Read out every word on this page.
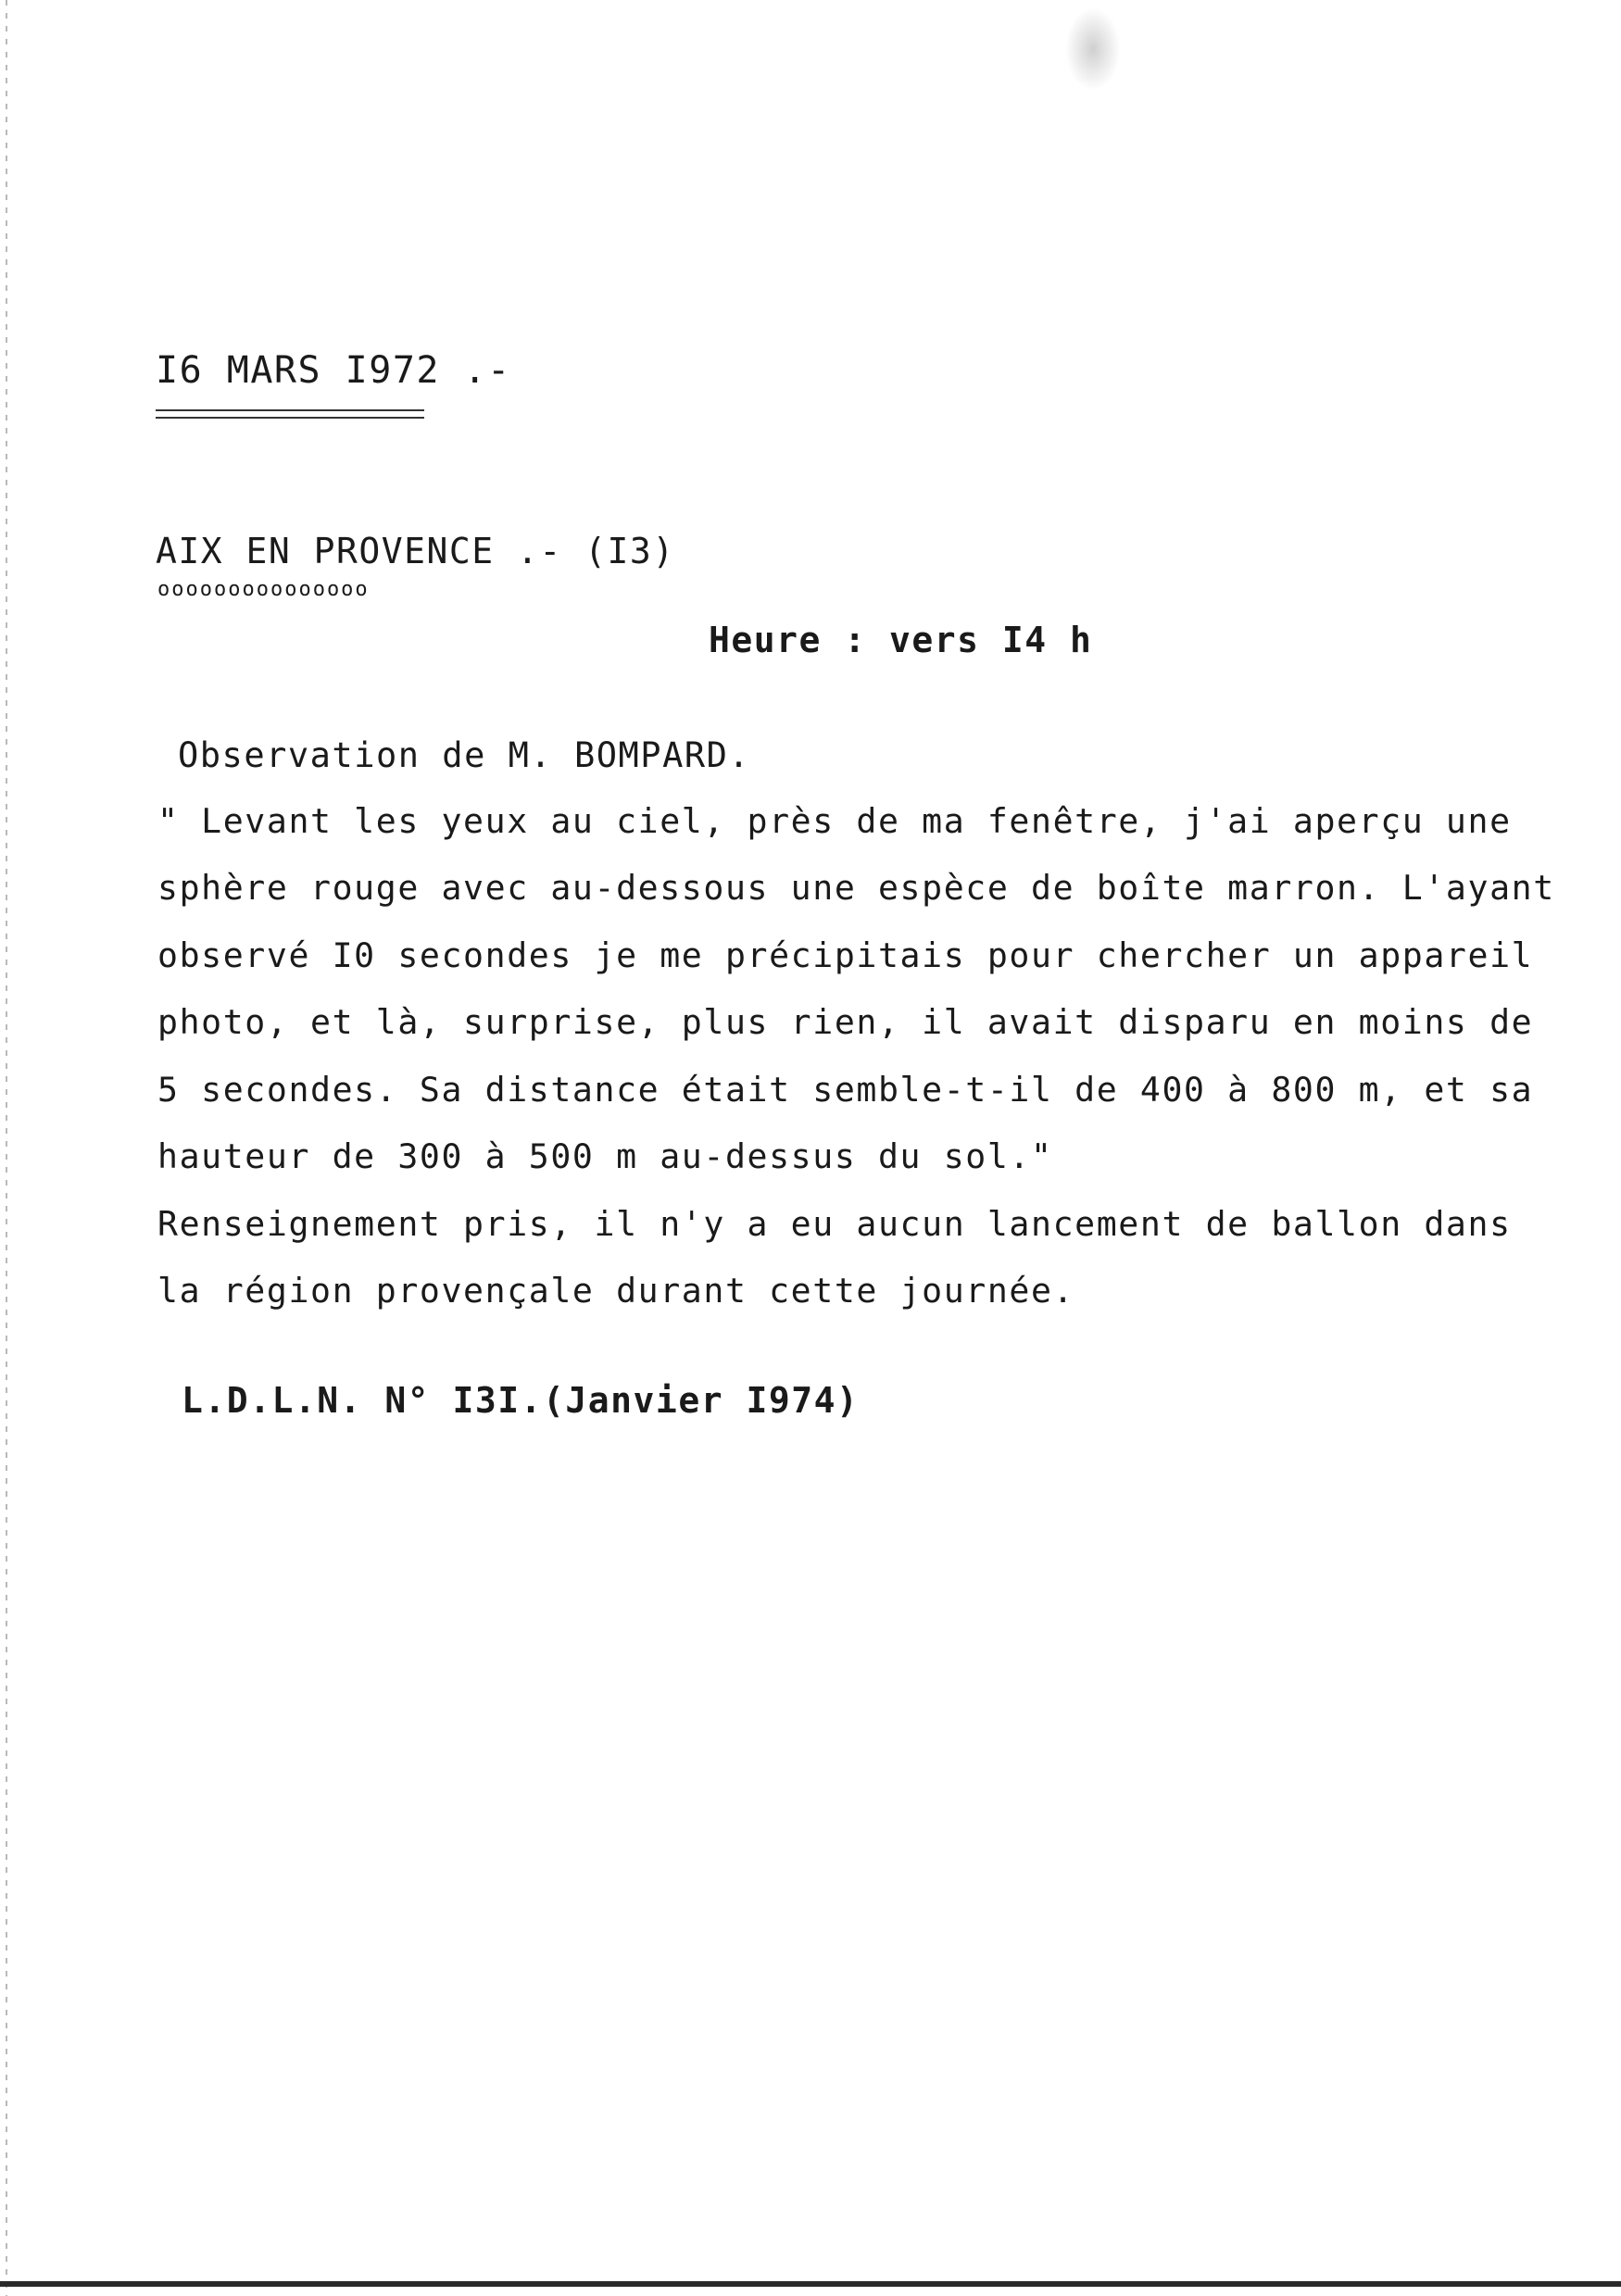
I6 MARS I972 .-
AIX EN PROVENCE .- (I3)
ooooooooooooooo
Heure : vers I4 h
Observation de M. BOMPARD.
" Levant les yeux au ciel, près de ma fenêtre, j'ai aperçu une
sphère rouge avec au-dessous une espèce de boîte marron. L'ayant
observé I0 secondes je me précipitais pour chercher un appareil
photo, et là, surprise, plus rien, il avait disparu en moins de
5 secondes. Sa distance était semble-t-il de 400 à 800 m, et sa
hauteur de 300 à 500 m au-dessus du sol."
Renseignement pris, il n'y a eu aucun lancement de ballon dans
la région provençale durant cette journée.
L.D.L.N. N° I3I.(Janvier I974)
